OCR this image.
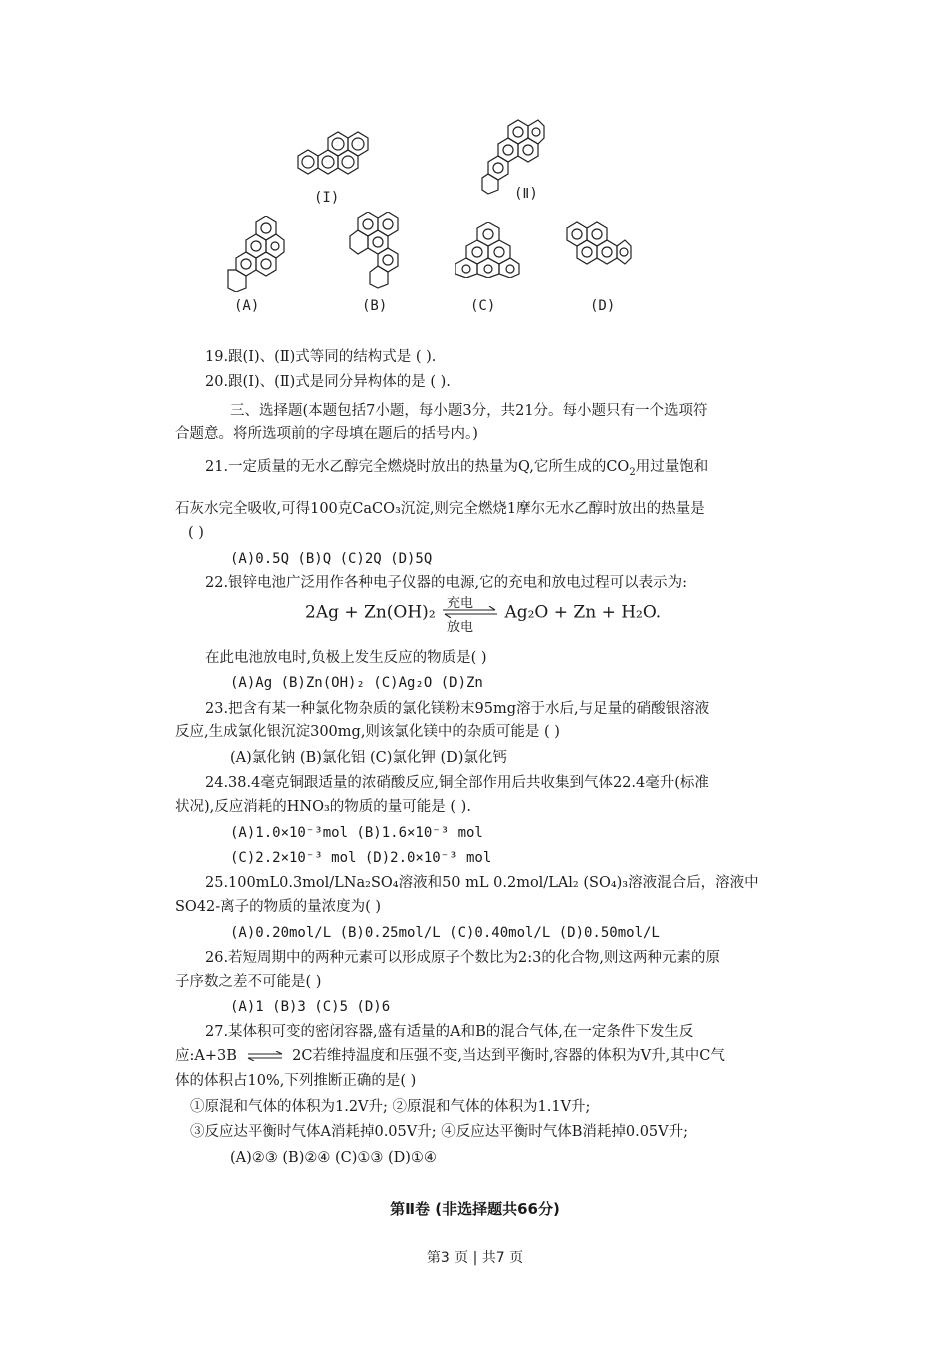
(I)	(Ⅱ)
(A)	(B)	(C)	(D)
19.跟(Ⅰ)、(Ⅱ)式等同的结构式是 ( ).
20.跟(Ⅰ)、(Ⅱ)式是同分异构体的是 ( ).
三、选择题(本题包括7小题，每小题3分，共21分。每小题只有一个选项符
合题意。将所选项前的字母填在题后的括号内。)
21.一定质量的无水乙醇完全燃烧时放出的热量为Q,它所生成的$CO_2$用过量饱和
石灰水完全吸收,可得100克CaCO₃沉淀,则完全燃烧1摩尔无水乙醇时放出的热量是
( )
(A)0.5Q (B)Q (C)2Q (D)5Q
22.银锌电池广泛用作各种电子仪器的电源,它的充电和放电过程可以表示为:
2Ag + Zn(OH)₂ 充电
放电
Ag₂O + Zn + H₂O.
在此电池放电时,负极上发生反应的物质是( )
(A)Ag (B)Zn(OH)₂ (C)Ag₂O (D)Zn
23.把含有某一种氯化物杂质的氯化镁粉末95mg溶于水后,与足量的硝酸银溶液
反应,生成氯化银沉淀300mg,则该氯化镁中的杂质可能是 ( )
(A)氯化钠 (B)氯化铝 (C)氯化钾 (D)氯化钙
24.38.4毫克铜跟适量的浓硝酸反应,铜全部作用后共收集到气体22.4毫升(标准
状况),反应消耗的HNO₃的物质的量可能是 ( ).
(A)1.0×10⁻³mol (B)1.6×10⁻³ mol
(C)2.2×10⁻³ mol (D)2.0×10⁻³ mol
25.100mL0.3mol/LNa₂SO₄溶液和50 mL 0.2mol/LAl₂ (SO₄)₃溶液混合后，溶液中
SO42-离子的物质的量浓度为( )
(A)0.20mol/L (B)0.25mol/L (C)0.40mol/L (D)0.50mol/L
26.若短周期中的两种元素可以形成原子个数比为2:3的化合物,则这两种元素的原
子序数之差不可能是( )
(A)1 (B)3 (C)5 (D)6
27.某体积可变的密闭容器,盛有适量的A和B的混合气体,在一定条件下发生反
应:A+3B ⇌ 2C若维持温度和压强不变,当达到平衡时,容器的体积为V升,其中C气
体的体积占10%,下列推断正确的是( )
①原混和气体的体积为1.2V升; ②原混和气体的体积为1.1V升;
③反应达平衡时气体A消耗掉0.05V升; ④反应达平衡时气体B消耗掉0.05V升;
(A)②③ (B)②④ (C)①③ (D)①④
第Ⅱ卷 (非选择题共66分)
第3 页 | 共7 页
